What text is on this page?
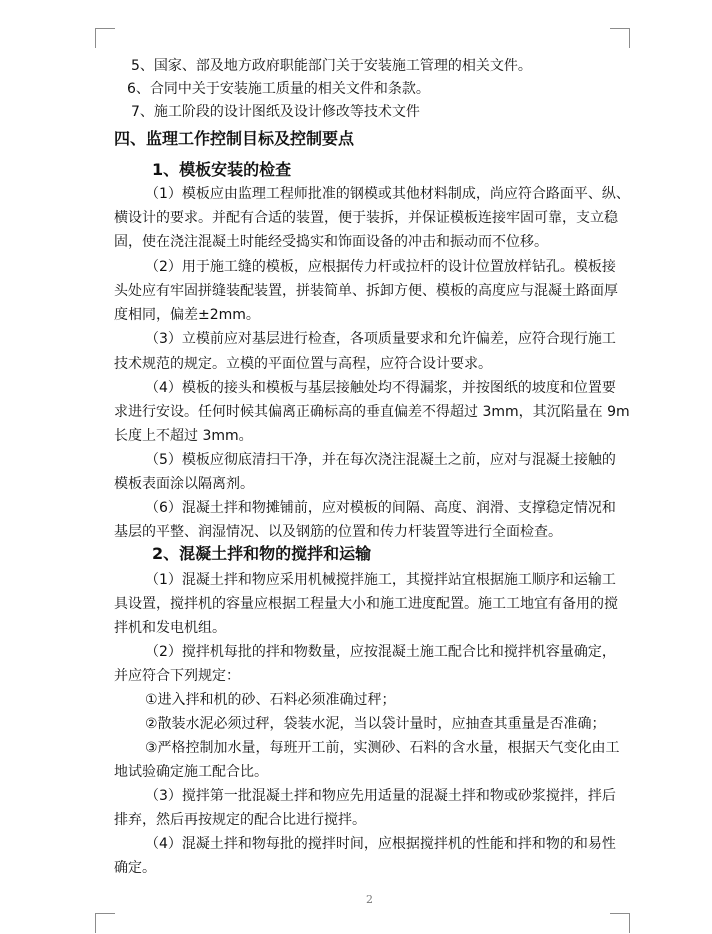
5、国家、部及地方政府职能部门关于安装施工管理的相关文件。
6、合同中关于安装施工质量的相关文件和条款。
7、施工阶段的设计图纸及设计修改等技术文件
四、监理工作控制目标及控制要点
1、模板安装的检查
（1）模板应由监理工程师批准的钢模或其他材料制成，尚应符合路面平、纵、
横设计的要求。并配有合适的装置，便于装拆，并保证模板连接牢固可靠，支立稳
固，使在浇注混凝土时能经受捣实和饰面设备的冲击和振动而不位移。
（2）用于施工缝的模板，应根据传力杆或拉杆的设计位置放样钻孔。模板接
头处应有牢固拼缝装配装置，拼装简单、拆卸方便、模板的高度应与混凝土路面厚
度相同，偏差±2mm。
（3）立模前应对基层进行检查，各项质量要求和允许偏差，应符合现行施工
技术规范的规定。立模的平面位置与高程，应符合设计要求。
（4）模板的接头和模板与基层接触处均不得漏浆，并按图纸的坡度和位置要
求进行安设。任何时候其偏离正确标高的垂直偏差不得超过 3mm，其沉陷量在 9m
长度上不超过 3mm。
（5）模板应彻底清扫干净，并在每次浇注混凝土之前，应对与混凝土接触的
模板表面涂以隔离剂。
（6）混凝土拌和物摊铺前，应对模板的间隔、高度、润滑、支撑稳定情况和
基层的平整、润湿情况、以及钢筋的位置和传力杆装置等进行全面检查。
2、混凝土拌和物的搅拌和运输
（1）混凝土拌和物应采用机械搅拌施工，其搅拌站宜根据施工顺序和运输工
具设置，搅拌机的容量应根据工程量大小和施工进度配置。施工工地宜有备用的搅
拌机和发电机组。
（2）搅拌机每批的拌和物数量，应按混凝土施工配合比和搅拌机容量确定，
并应符合下列规定：
①进入拌和机的砂、石料必须准确过秤；
②散装水泥必须过秤，袋装水泥，当以袋计量时，应抽查其重量是否准确；
③严格控制加水量，每班开工前，实测砂、石料的含水量，根据天气变化由工
地试验确定施工配合比。
（3）搅拌第一批混凝土拌和物应先用适量的混凝土拌和物或砂浆搅拌，拌后
排弃，然后再按规定的配合比进行搅拌。
（4）混凝土拌和物每批的搅拌时间，应根据搅拌机的性能和拌和物的和易性
确定。
2
